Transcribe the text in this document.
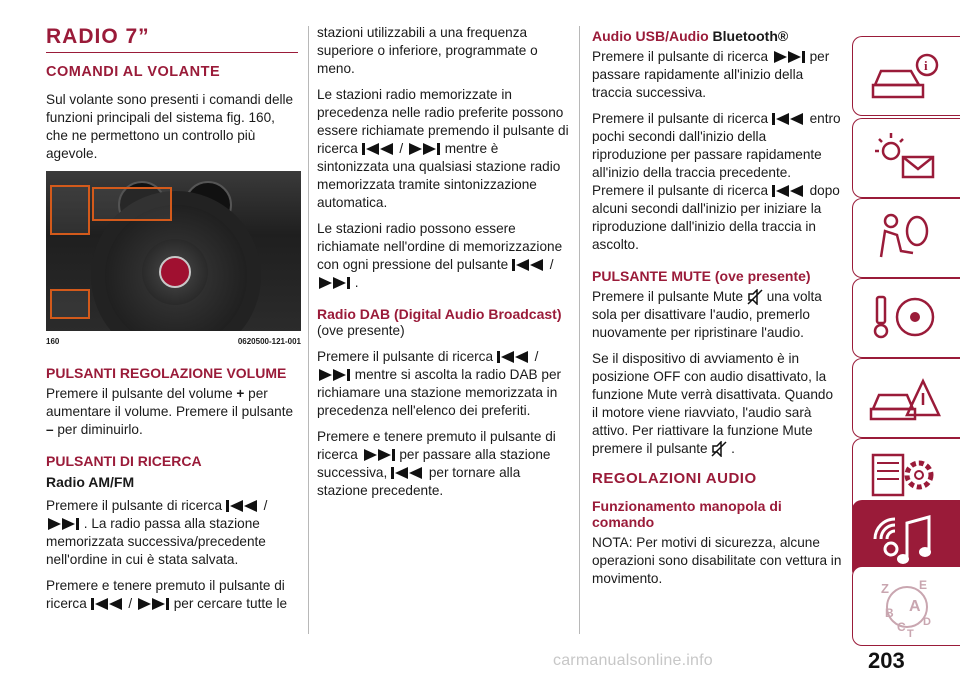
RADIO 7”
COMANDI AL VOLANTE

Sul volante sono presenti i comandi delle funzioni principali del sistema fig. 160, che ne permettono un controllo più agevole.

160	0620500-121-001
PULSANTI REGOLAZIONE VOLUME

Premere il pulsante del volume + per aumentare il volume. Premere il pulsante – per diminuirlo.

PULSANTI DI RICERCA
Radio AM/FM

Premere il pulsante di ricerca	/  . La radio passa alla stazione memorizzata successiva/precedente nell'ordine in cui è stata salvata.

Premere e tenere premuto il pulsante di ricerca	/	per cercare tutte le

stazioni utilizzabili a una frequenza superiore o inferiore, programmate o meno.

Le stazioni radio memorizzate in precedenza nelle radio preferite possono essere richiamate premendo il pulsante di ricerca	/	mentre è sintonizzata una qualsiasi stazione radio memorizzata tramite sintonizzazione automatica.

Le stazioni radio possono essere richiamate nell'ordine di memorizzazione con ogni pressione del pulsante	/  .

Radio DAB (Digital Audio Broadcast)

(ove presente)

Premere il pulsante di ricerca	/  mentre si ascolta la radio DAB per richiamare una stazione memorizzata in precedenza nell'elenco dei preferiti.

Premere e tenere premuto il pulsante di ricerca	per passare alla stazione successiva,	per tornare alla stazione precedente.

Audio USB/Audio Bluetooth®

Premere il pulsante di ricerca	per passare rapidamente all'inizio della traccia successiva.

Premere il pulsante di ricerca	entro pochi secondi dall'inizio della riproduzione per passare rapidamente all'inizio della traccia precedente. Premere il pulsante di ricerca	dopo alcuni secondi dall'inizio per iniziare la riproduzione dall'inizio della traccia in ascolto.

PULSANTE MUTE (ove presente)

Premere il pulsante Mute una volta sola per disattivare l'audio, premerlo nuovamente per ripristinare l'audio.

Se il dispositivo di avviamento è in posizione OFF con audio disattivato, la funzione Mute verrà disattivata. Quando il motore viene riavviato, l'audio sarà attivo. Per riattivare la funzione Mute premere il pulsante .

REGOLAZIONI AUDIO
Funzionamento manopola di comando

NOTA: Per motivi di sicurezza, alcune operazioni sono disabilitate con vettura in movimento.

i
Z	E
B A
C D
T
203
carmanualsonline.info
